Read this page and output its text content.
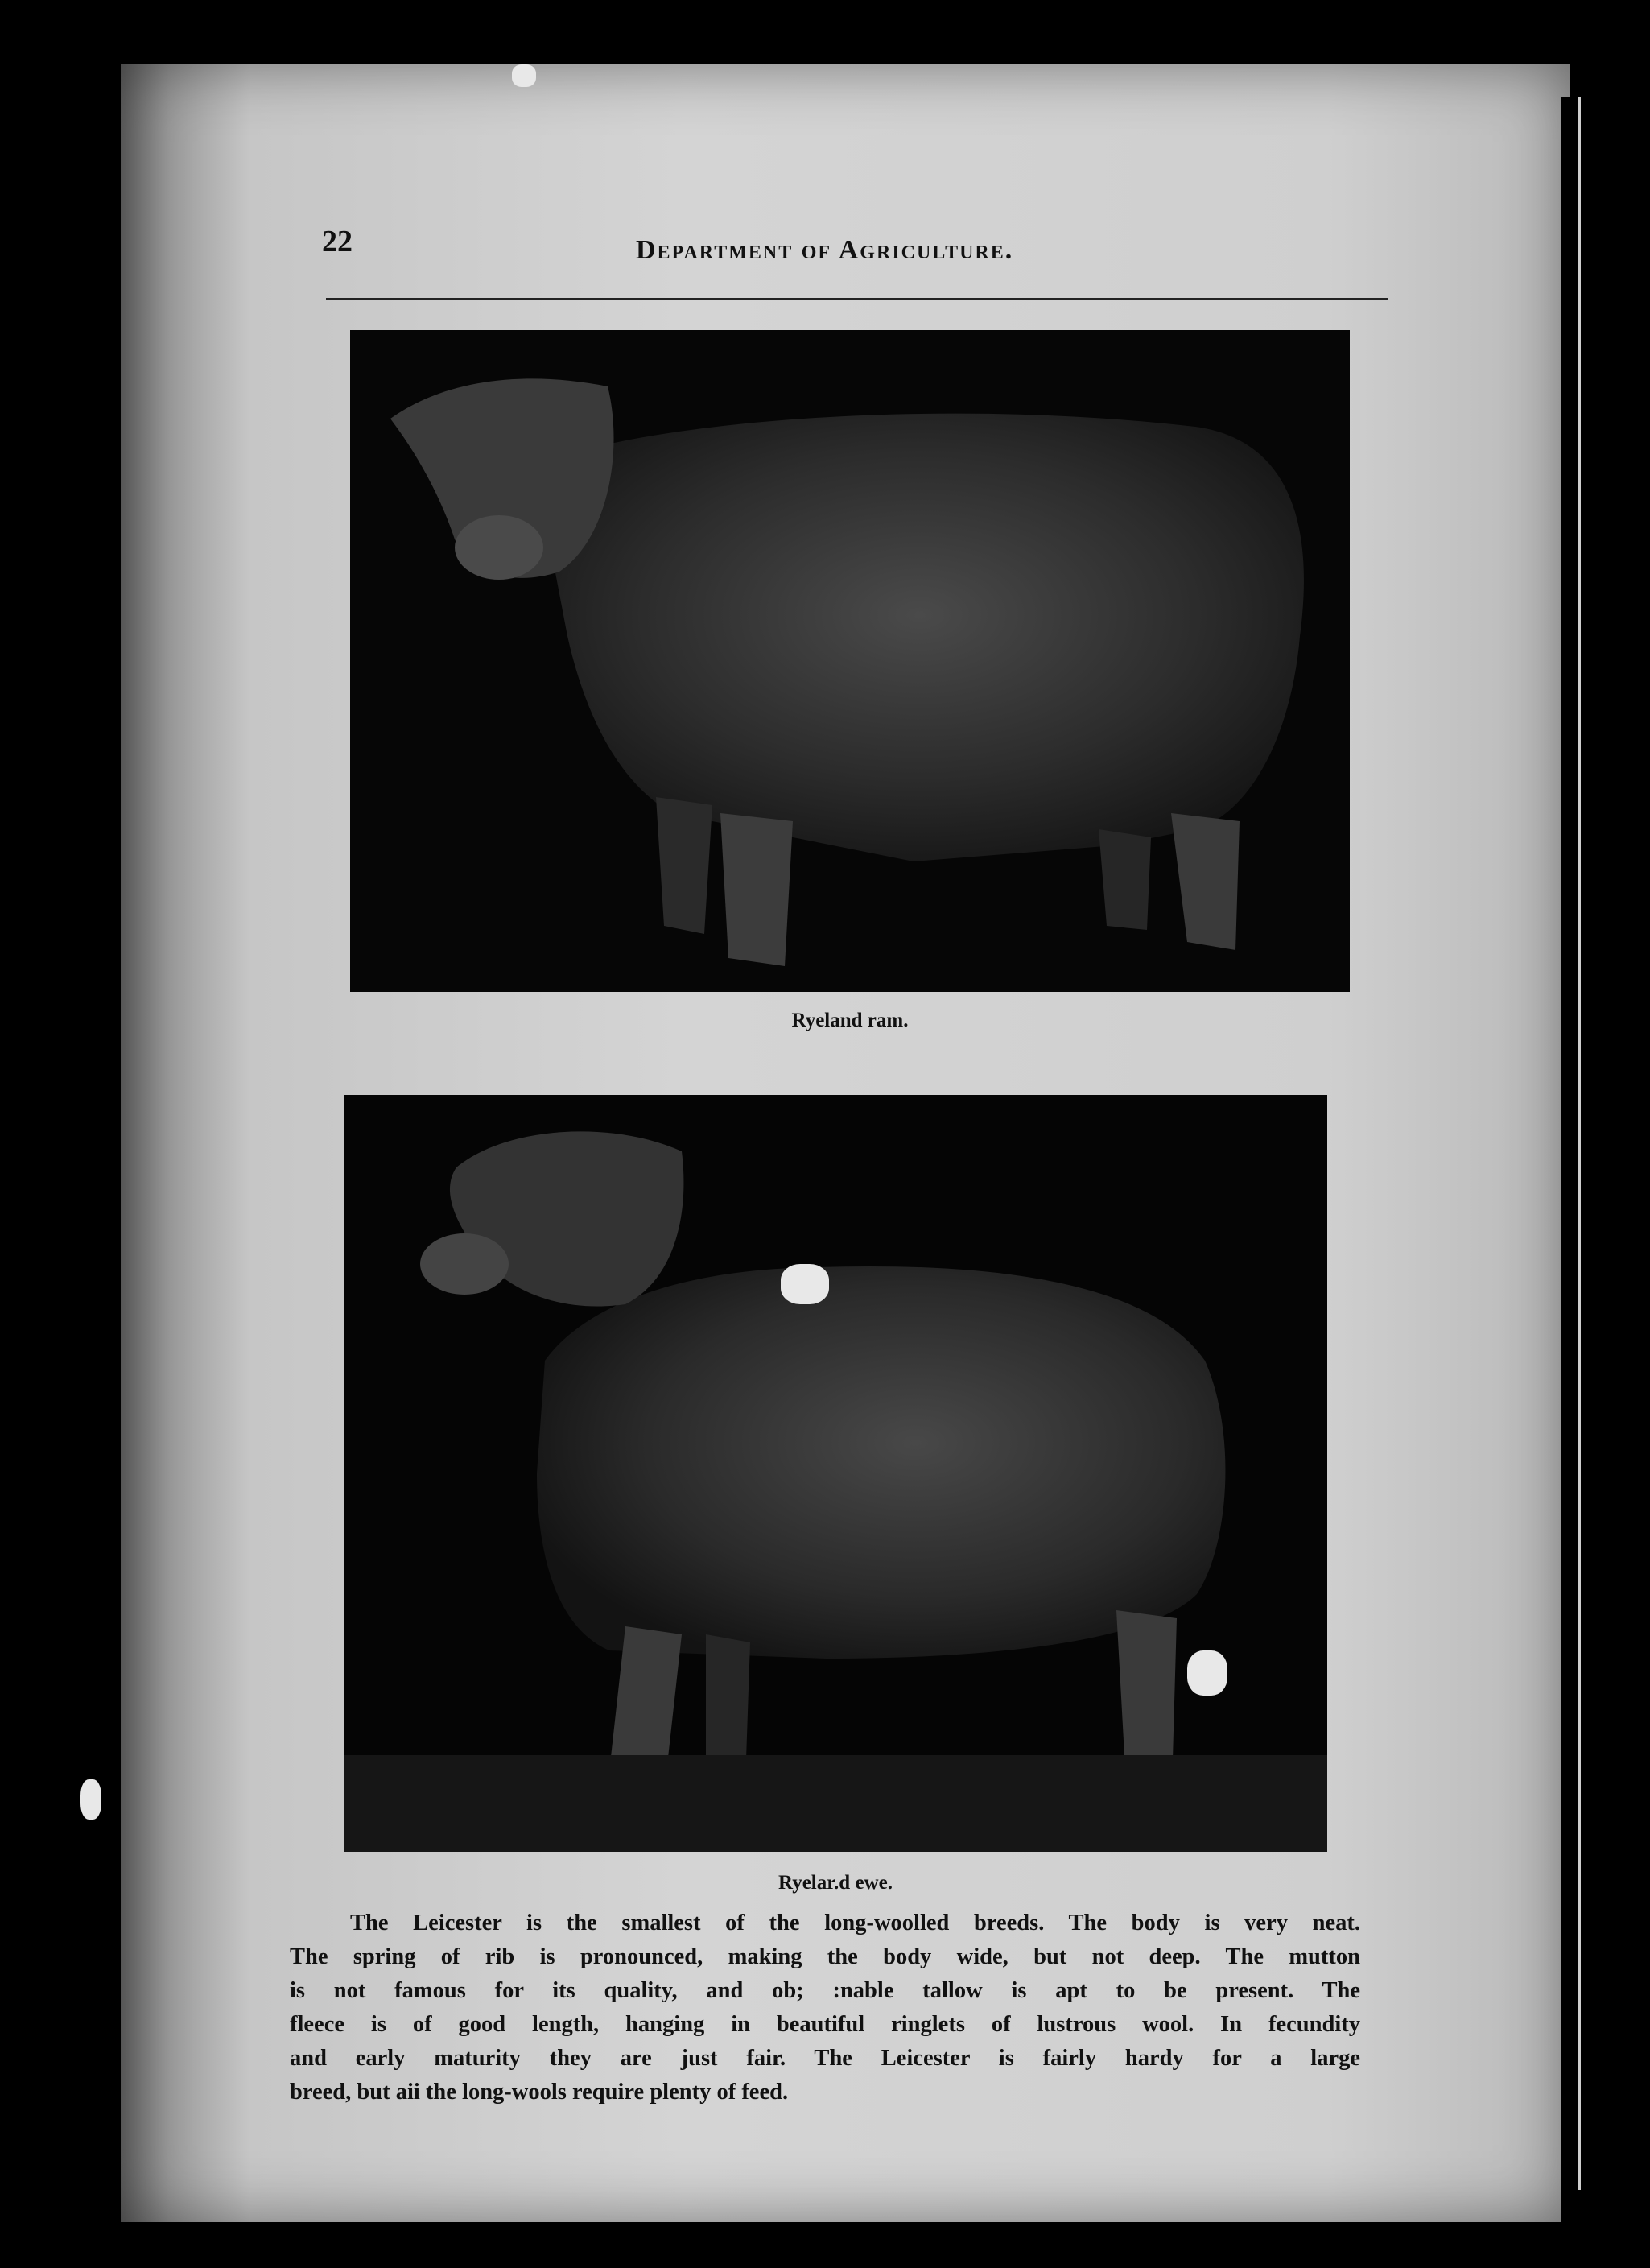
22	Department of Agriculture.
Ryeland ram.
Ryelar.d ewe.
The Leicester is the smallest of the long-woolled breeds. The body is very neat.
The spring of rib is pronounced, making the body wide, but not deep. The mutton
is not famous for its quality, and ob; :nable tallow is apt to be present. The
fleece is of good length, hanging in beautiful ringlets of lustrous wool. In fecundity
and early maturity they are just fair. The Leicester is fairly hardy for a large
breed, but aii the long-wools require plenty of feed.
